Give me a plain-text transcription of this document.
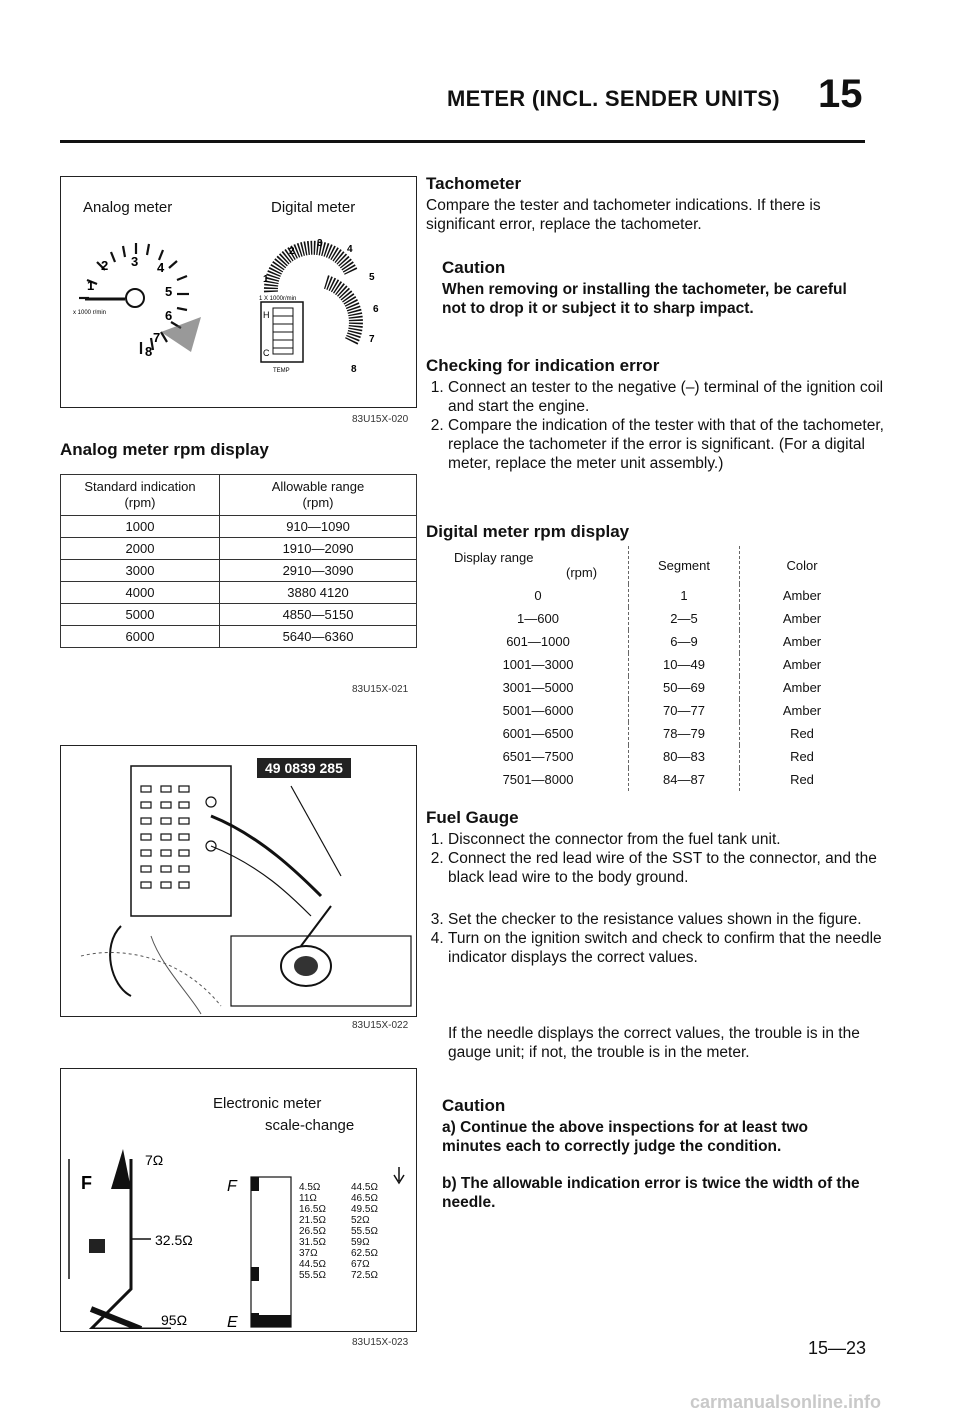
METER (INCL. SENDER UNITS) 15
Analog meter	Digital meter
2 3 4
1	5
6
7
8
x 1000 r/min
1 X 1000r/min
H
C
TEMP
1
2
3
4
5
6
7
8
83U15X-020
Analog meter rpm display
Standard indication
(rpm)	Allowable range
(rpm)
1000	910—1090
2000	1910—2090
3000	2910—3090
4000	3880 4120
5000	4850—5150
6000	5640—6360
83U15X-021
49 0839 285
83U15X-022
Electronic meter
scale-change
F
7Ω
32.5Ω
95Ω
F
E
4.5Ω	44.5Ω
11Ω	46.5Ω
16.5Ω	49.5Ω
21.5Ω	52Ω
26.5Ω	55.5Ω
31.5Ω	59Ω
37Ω	62.5Ω
44.5Ω	67Ω
55.5Ω	72.5Ω
83U15X-023
Tachometer
Compare the tester and tachometer indications. If there is significant error, replace the tachometer.
Caution
When removing or installing the tachometer, be careful not to drop it or subject it to sharp impact.
Checking for indication error
1. Connect an tester to the negative (–) terminal of the ignition coil and start the engine.
2. Compare the indication of the tester with that of the tachometer, replace the tachometer if the error is significant. (For a digital meter, replace the meter unit assembly.)
Digital meter rpm display
Display range
(rpm)	Segment	Color
0	1	Amber
1—600	2—5	Amber
601—1000	6—9	Amber
1001—3000	10—49	Amber
3001—5000	50—69	Amber
5001—6000	70—77	Amber
6001—6500	78—79	Red
6501—7500	80—83	Red
7501—8000	84—87	Red
Fuel Gauge
1. Disconnect the connector from the fuel tank unit.
2. Connect the red lead wire of the SST to the connector, and the black lead wire to the body ground.
3. Set the checker to the resistance values shown in the figure.
4. Turn on the ignition switch and check to confirm that the needle indicator displays the correct values.
If the needle displays the correct values, the trouble is in the gauge unit; if not, the trouble is in the meter.
Caution
a) Continue the above inspections for at least two minutes each to correctly judge the condition.
b) The allowable indication error is twice the width of the needle.
15—23
carmanualsonline.info
